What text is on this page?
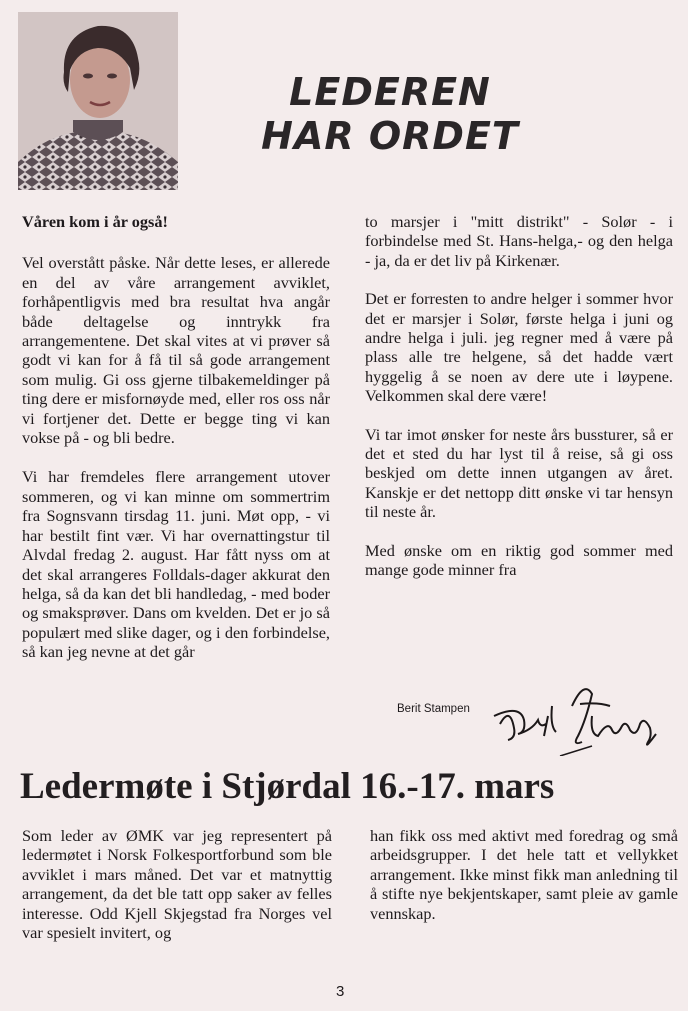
LEDEREN
HAR ORDET

Våren kom i år også!

Vel overstått påske. Når dette leses, er allerede en del av våre arrangement avviklet, forhåpentligvis med bra resultat hva angår både deltagelse og inntrykk fra arrangementene. Det skal vites at vi prøver så godt vi kan for å få til så gode arrangement som mulig. Gi oss gjerne tilbakemeldinger på ting dere er misfornøyde med, eller ros oss når vi fortjener det. Dette er begge ting vi kan vokse på - og bli bedre.

Vi har fremdeles flere arrangement utover sommeren, og vi kan minne om sommertrim fra Sognsvann tirsdag 11. juni. Møt opp, - vi har bestilt fint vær. Vi har overnattingstur til Alvdal fredag 2. august. Har fått nyss om at det skal arrangeres Folldals-dager akkurat den helga, så da kan det bli handledag, - med boder og smaksprøver. Dans om kvelden. Det er jo så populært med slike dager, og i den forbindelse, så kan jeg nevne at det går

to marsjer i "mitt distrikt" - Solør - i forbindelse med St. Hans-helga,- og den helga - ja, da er det liv på Kirkenær.

Det er forresten to andre helger i sommer hvor det er marsjer i Solør, første helga i juni og andre helga i juli. jeg regner med å være på plass alle tre helgene, så det hadde vært hyggelig å se noen av dere ute i løypene. Velkommen skal dere være!

Vi tar imot ønsker for neste års bussturer, så er det et sted du har lyst til å reise, så gi oss beskjed om dette innen utgangen av året. Kanskje er det nettopp ditt ønske vi tar hensyn til neste år.

Med ønske om en riktig god sommer med mange gode minner fra

Berit Stampen
Ledermøte i Stjørdal 16.-17. mars

Som leder av ØMK var jeg representert på ledermøtet i Norsk Folkesportforbund som ble avviklet i mars måned. Det var et matnyttig arrangement, da det ble tatt opp saker av felles interesse. Odd Kjell Skjegstad fra Norges vel var spesielt invitert, og

han fikk oss med aktivt med foredrag og små arbeidsgrupper. I det hele tatt et vellykket arrangement. Ikke minst fikk man anledning til å stifte nye bekjentskaper, samt pleie av gamle vennskap.

3
